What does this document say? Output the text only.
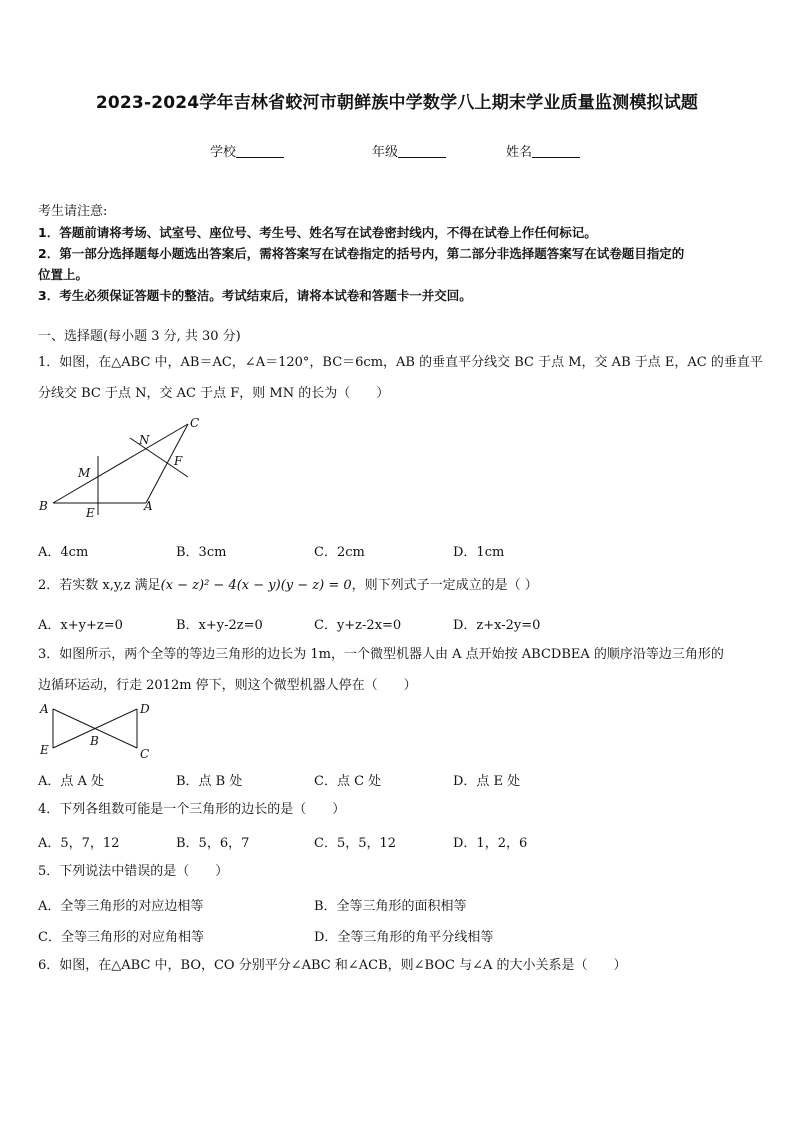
2023-2024学年吉林省蛟河市朝鲜族中学数学八上期末学业质量监测模拟试题
学校	年级	姓名
考生请注意:
1．答题前请将考场、试室号、座位号、考生号、姓名写在试卷密封线内，不得在试卷上作任何标记。
2．第一部分选择题每小题选出答案后，需将答案写在试卷指定的括号内，第二部分非选择题答案写在试卷题目指定的
位置上。
3．考生必须保证答题卡的整洁。考试结束后，请将本试卷和答题卡一并交回。
一、选择题(每小题 3 分, 共 30 分)
1．如图，在△ABC 中，AB＝AC，∠A＝120°，BC＝6cm，AB 的垂直平分线交 BC 于点 M，交 AB 于点 E，AC 的垂直平
分线交 BC 于点 N，交 AC 于点 F，则 MN 的长为（　　）
C
N
F
M
B	E	A
A．4cm	B．3cm	C．2cm	D．1cm
2．若实数 x,y,z 满足(x − z)² − 4(x − y)(y − z) = 0，则下列式子一定成立的是（ ）
A．x+y+z=0	B．x+y-2z=0	C．y+z-2x=0	D．z+x-2y=0
3．如图所示，两个全等的等边三角形的边长为 1m，一个微型机器人由 A 点开始按 ABCDBEA 的顺序沿等边三角形的
边循环运动，行走 2012m 停下，则这个微型机器人停在（　　）
A	D
B
E	C
A．点 A 处	B．点 B 处	C．点 C 处	D．点 E 处
4．下列各组数可能是一个三角形的边长的是（　　）
A．5，7，12	B．5，6，7	C．5，5，12	D．1，2，6
5．下列说法中错误的是（　　）
A．全等三角形的对应边相等	B．全等三角形的面积相等
C．全等三角形的对应角相等	D．全等三角形的角平分线相等
6．如图，在△ABC 中，BO，CO 分别平分∠ABC 和∠ACB，则∠BOC 与∠A 的大小关系是（　　）
